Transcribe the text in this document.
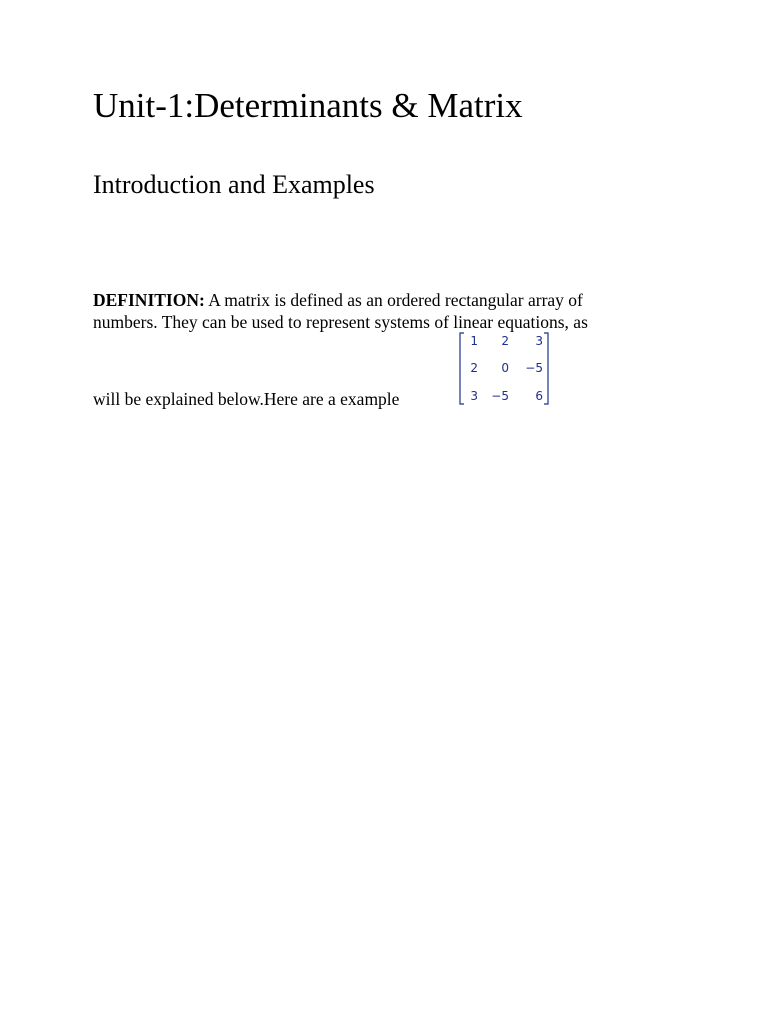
Unit-1:Determinants & Matrix
Introduction and Examples

DEFINITION: A matrix is defined as an ordered rectangular array of

numbers. They can be used to represent systems of linear equations, as

will be explained below.Here are a example

1	2	3
2	0	−5
3	−5	6
